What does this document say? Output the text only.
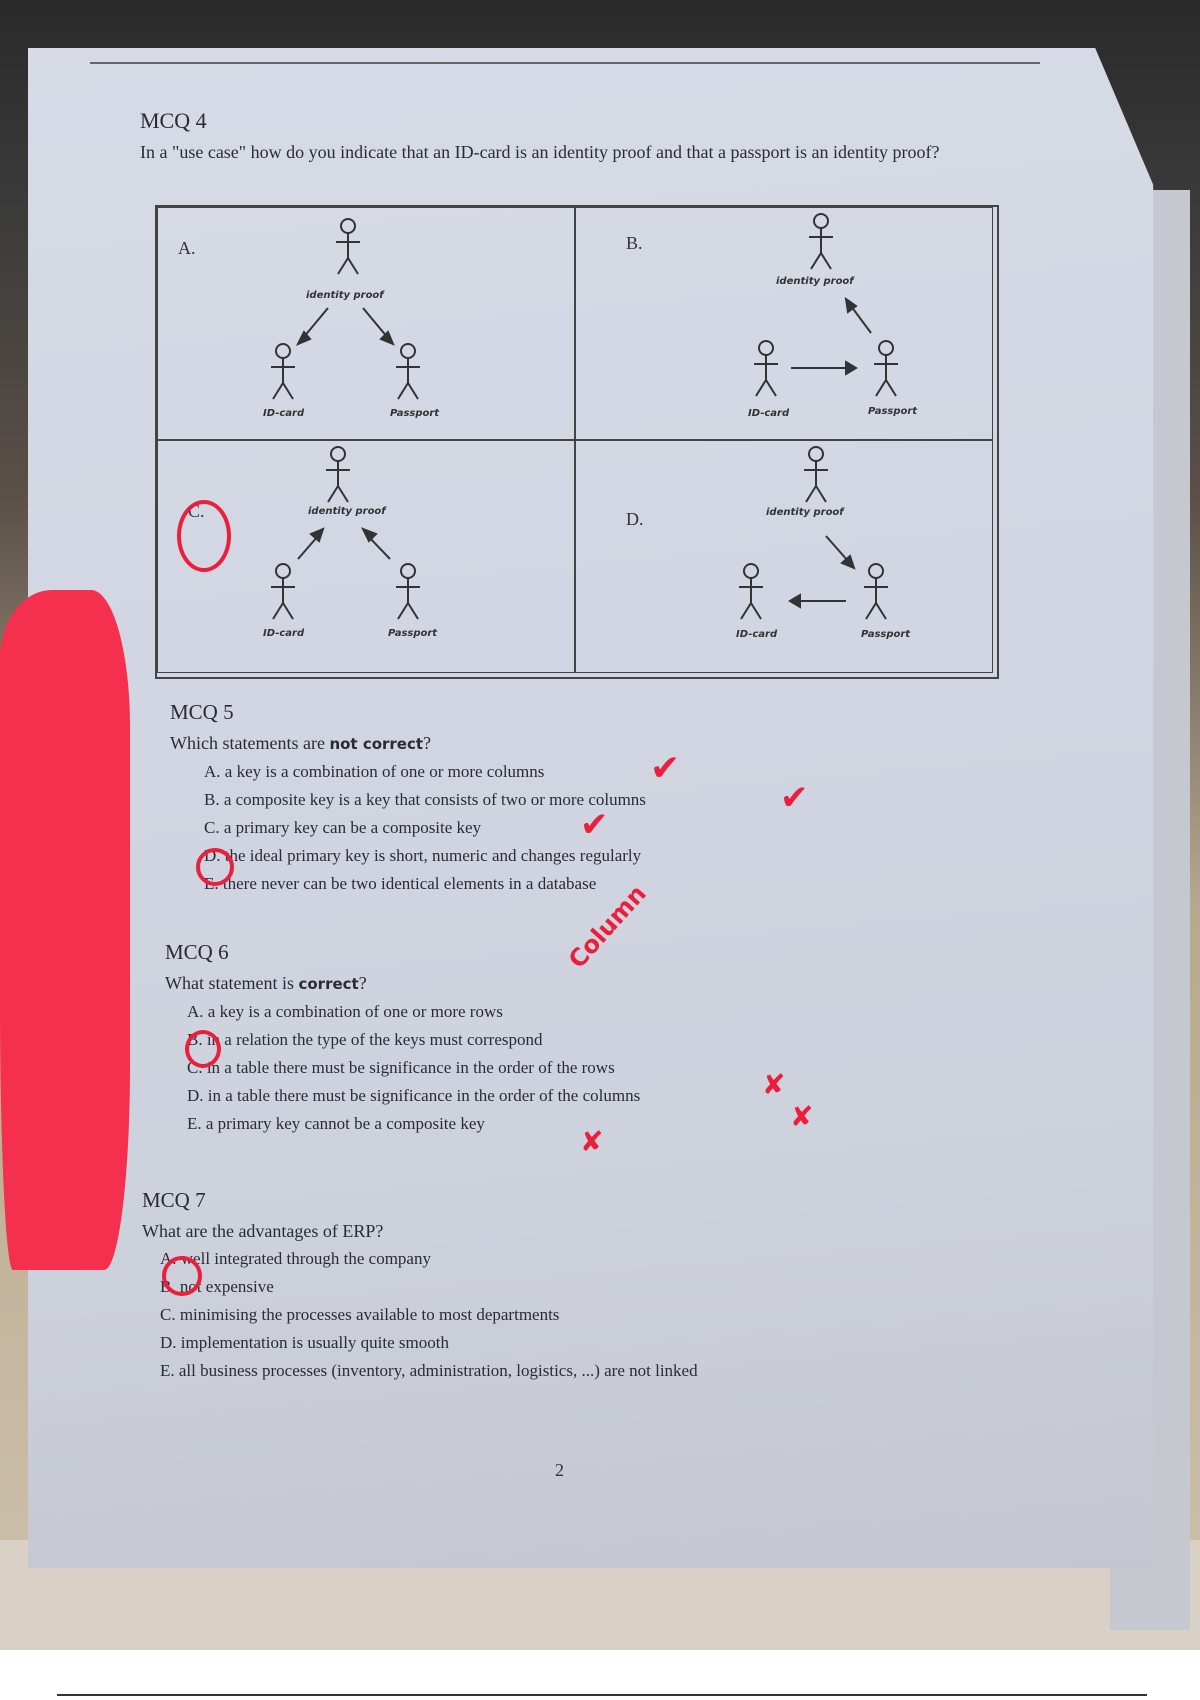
MCQ 4

In a "use case" how do you indicate that an ID-card is an identity proof and that a passport is an identity proof?

A.
identity proof
ID-card	Passport
B.
identity proof
ID-card	Passport
C.	identity proof
ID-card	Passport
D.	identity proof
ID-card	Passport

MCQ 5

Which statements are not correct?

A. a key is a combination of one or more columns
B. a composite key is a key that consists of two or more columns
C. a primary key can be a composite key
D. the ideal primary key is short, numeric and changes regularly
E. there never can be two identical elements in a database
✔
✔
✔

MCQ 6

What statement is correct?

A. a key is a combination of one or more rows
B. in a relation the type of the keys must correspond
C. in a table there must be significance in the order of the rows
D. in a table there must be significance in the order of the columns
E. a primary key cannot be a composite key
Column
✘
✘
✘

MCQ 7

What are the advantages of ERP?

A. well integrated through the company
B. not expensive
C. minimising the processes available to most departments
D. implementation is usually quite smooth
E. all business processes (inventory, administration, logistics, ...) are not linked
2
